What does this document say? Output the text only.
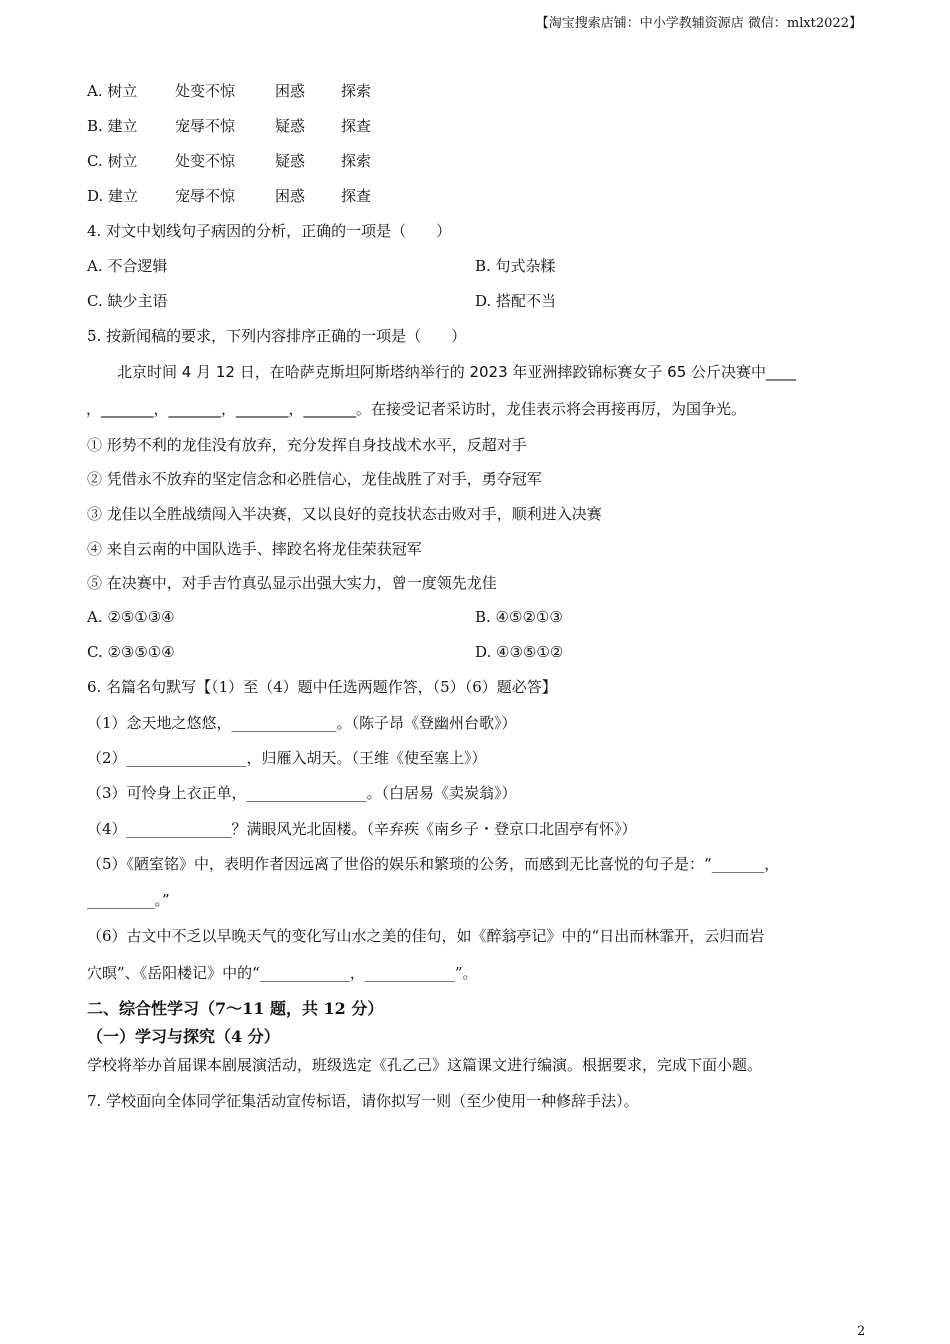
【淘宝搜索店铺：中小学教辅资源店 微信：mlxt2022】
A. 树立	处变不惊	困惑 探索
B. 建立 宠辱不惊	疑惑 探查
C. 树立	处变不惊	疑惑 探索
D. 建立 宠辱不惊	困惑 探查
4. 对文中划线句子病因的分析，正确的一项是（　　）
A. 不合逻辑	B. 句式杂糅
C. 缺少主语	D. 搭配不当
5. 按新闻稿的要求，下列内容排序正确的一项是（　　）
　　北京时间 4 月 12 日，在哈萨克斯坦阿斯塔纳举行的 2023 年亚洲摔跤锦标赛女子 65 公斤决赛中____
，_______，_______，_______，_______。在接受记者采访时，龙佳表示将会再接再厉，为国争光。
① 形势不利的龙佳没有放弃，充分发挥自身技战术水平，反超对手
② 凭借永不放弃的坚定信念和必胜信心，龙佳战胜了对手，勇夺冠军
③ 龙佳以全胜战绩闯入半决赛，又以良好的竞技状态击败对手，顺利进入决赛
④ 来自云南的中国队选手、摔跤名将龙佳荣获冠军
⑤ 在决赛中，对手吉竹真弘显示出强大实力，曾一度领先龙佳
A. ②⑤①③④	B. ④⑤②①③
C. ②③⑤①④	D. ④③⑤①②
6. 名篇名句默写【（1）至（4）题中任选两题作答，（5）（6）题必答】
（1）念天地之悠悠，______________。（陈子昂《登幽州台歌》）
（2）________________，归雁入胡天。（王维《使至塞上》）
（3）可怜身上衣正单，________________。（白居易《卖炭翁》）
（4）______________？满眼风光北固楼。（辛弃疾《南乡子・登京口北固亭有怀》）
（5）《陋室铭》中，表明作者因远离了世俗的娱乐和繁琐的公务，而感到无比喜悦的句子是：“_______，
_________。”
（6）古文中不乏以早晚天气的变化写山水之美的佳句，如《醉翁亭记》中的“日出而林霏开，云归而岩
穴暝”、《岳阳楼记》中的“____________，____________”。
二、综合性学习（7～11 题，共 12 分）
（一）学习与探究（4 分）
学校将举办首届课本剧展演活动，班级选定《孔乙己》这篇课文进行编演。根据要求，完成下面小题。
7. 学校面向全体同学征集活动宣传标语，请你拟写一则（至少使用一种修辞手法）。
2
